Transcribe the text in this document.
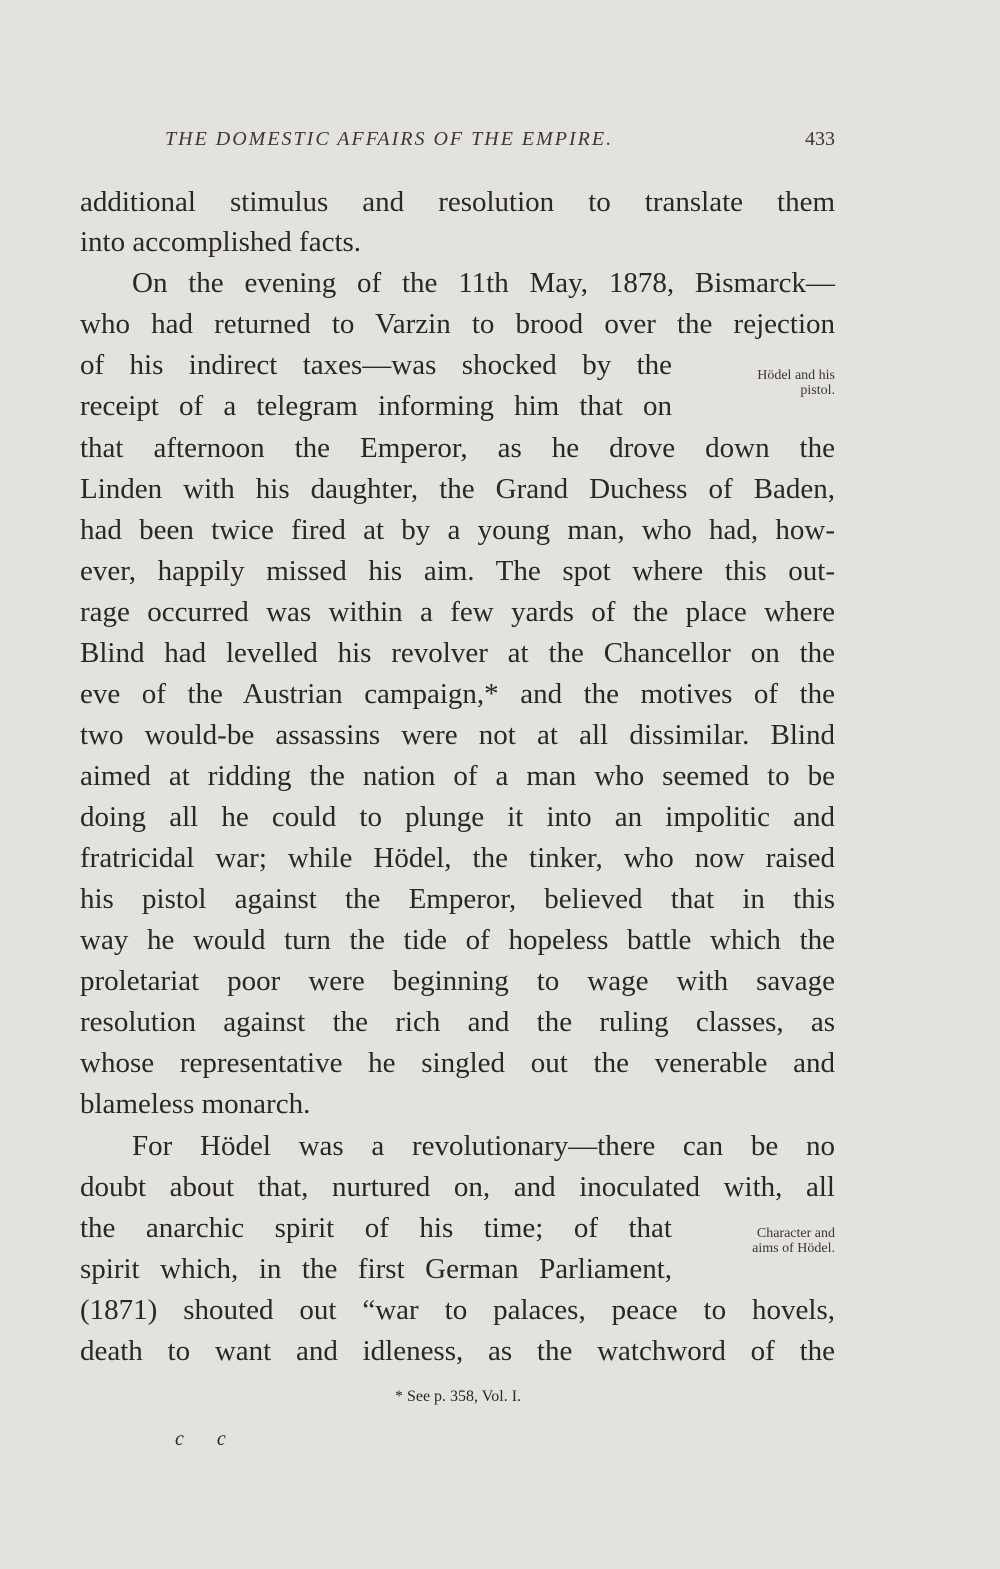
THE DOMESTIC AFFAIRS OF THE EMPIRE.	433
additional stimulus and resolution to translate them
into accomplished facts.
On the evening of the 11th May, 1878, Bismarck—
who had returned to Varzin to brood over the rejection
of his indirect taxes—was shocked by the
receipt of a telegram informing him that on
that afternoon the Emperor, as he drove down the
Linden with his daughter, the Grand Duchess of Baden,
had been twice fired at by a young man, who had, how-
ever, happily missed his aim. The spot where this out-
rage occurred was within a few yards of the place where
Blind had levelled his revolver at the Chancellor on the
eve of the Austrian campaign,* and the motives of the
two would-be assassins were not at all dissimilar. Blind
aimed at ridding the nation of a man who seemed to be
doing all he could to plunge it into an impolitic and
fratricidal war; while Hödel, the tinker, who now raised
his pistol against the Emperor, believed that in this
way he would turn the tide of hopeless battle which the
proletariat poor were beginning to wage with savage
resolution against the rich and the ruling classes, as
whose representative he singled out the venerable and
blameless monarch.
For Hödel was a revolutionary—there can be no
doubt about that, nurtured on, and inoculated with, all
the anarchic spirit of his time; of that
spirit which, in the first German Parliament,
(1871) shouted out “war to palaces, peace to hovels,
death to want and idleness, as the watchword of the
Hödel and his
pistol.
Character and
aims of Hödel.
* See p. 358, Vol. I.
c c
